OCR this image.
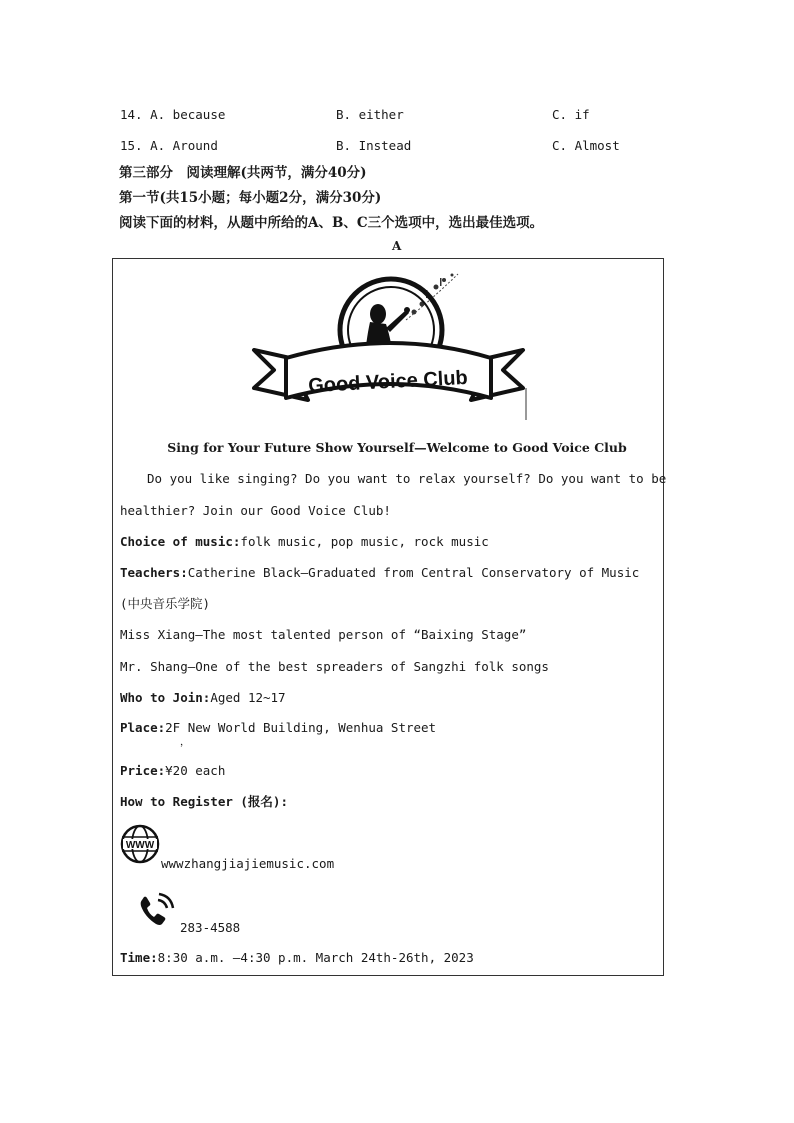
14. A. because	B. either	C. if
15. A. Around	B. Instead	C. Almost
第三部分　阅读理解(共两节，满分40分)
第一节(共15小题；每小题2分，满分30分)
阅读下面的材料，从题中所给的A、B、C三个选项中，选出最佳选项。
A
Good Voice Club
Sing for Your Future Show Yourself—Welcome to Good Voice Club
Do you like singing? Do you want to relax yourself? Do you want to be
healthier? Join our Good Voice Club!
Choice of music:folk music, pop music, rock music
Teachers:Catherine Black—Graduated from Central Conservatory of Music
(中央音乐学院)
Miss Xiang—The most talented person of “Baixing Stage”
Mr. Shang—One of the best spreaders of Sangzhi folk songs
Who to Join:Aged 12~17
Place:2F New World Building, Wenhua Street
，
Price:¥20 each
How to Register (报名):
WWW
wwwzhangjiajiemusic.com
283-4588
Time:8:30 a.m. —4:30 p.m. March 24th-26th, 2023
